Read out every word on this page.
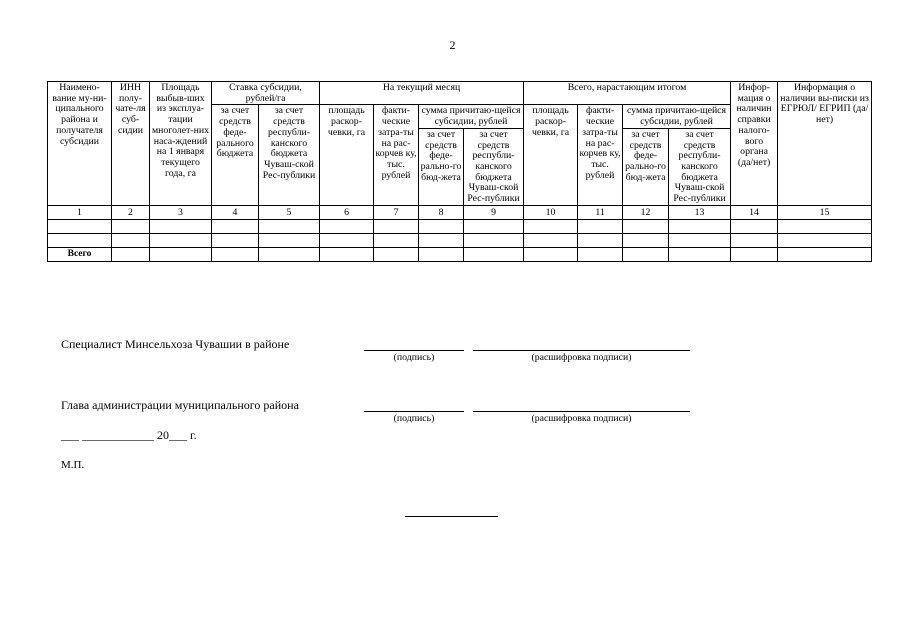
2
Наимено-вание му-ни-ципального района и получателя субсидии	ИНН полу-чате-ля суб-сидии	Площадь выбыв-ших из эксплуа-тации многолет-них наса-ждений на 1 января текущего года, га	Ставка субсидии, рублей/га		На текущий месяц				Всего, нарастающим итогом				Инфор-мация о наличин справки налого-вого органа (да/нет)	Информация о наличии вы-писки из ЕГРЮЛ/ ЕГРИП (да/нет)
			за счет средств феде-рального бюджета	за счет средств республи-канского бюджета Чуваш-ской Рес-публики	площадь раскор-чевки, га	факти-ческие затра-ты на рас-корчев ку, тыс. рублей	сумма причитаю-щейся субсидии, рублей		площадь раскор-чевки, га	факти-ческие затра-ты на рас-корчев ку, тыс. рублей	сумма причитаю-щейся субсидии, рублей			
							за счет средств феде-рально-го бюд-жета	за счет средств республи-канского бюджета Чуваш-ской Рес-публики			за счет средств феде-рально-го бюд-жета	за счет средств республи-канского бюджета Чуваш-ской Рес-публики		
1	2	3	4	5	6	7	8	9	10	11	12	13	14	15

Всего														
Специалист Минсельхоза Чувашии в районе
(подпись)	(расшифровка подписи)
Глава администрации муниципального района
(подпись)	(расшифровка подписи)
___ ____________ 20___ г.
М.П.
